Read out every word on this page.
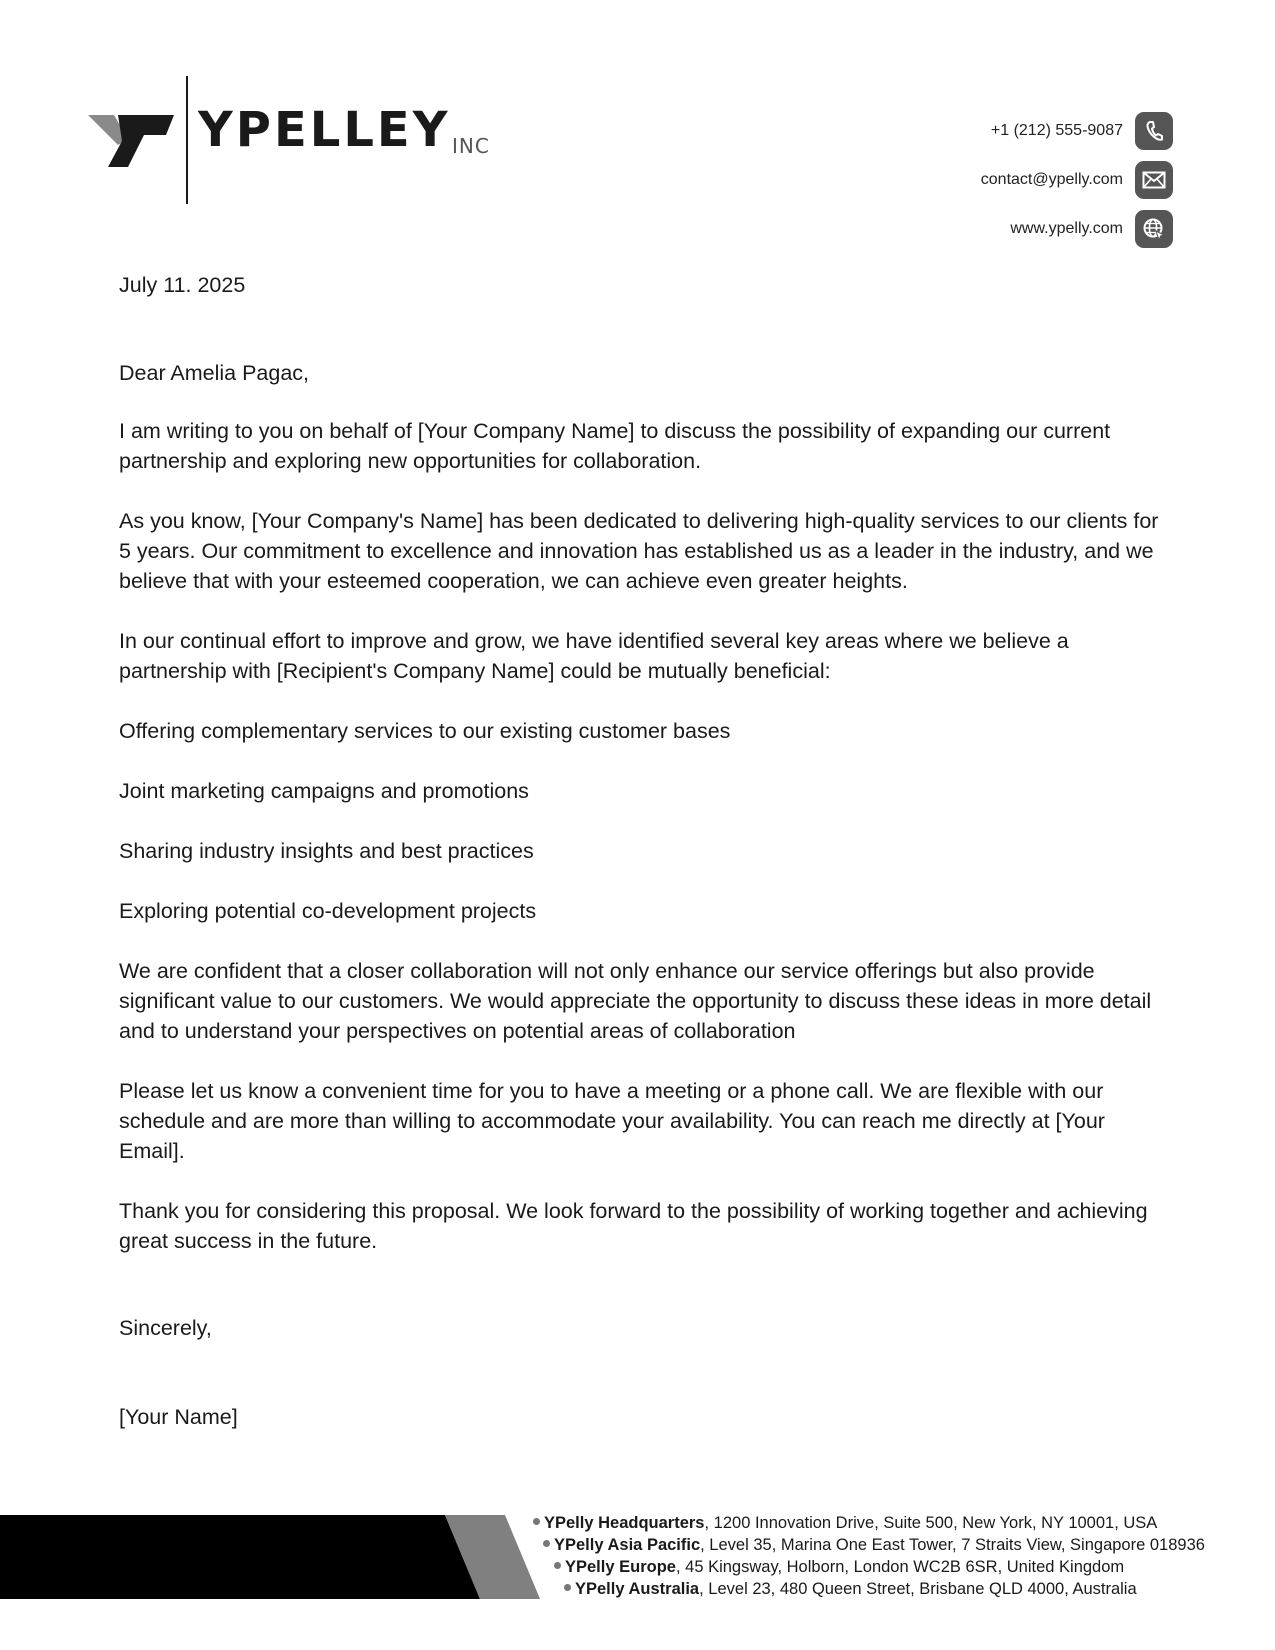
YPELLEY INC
+1 (212) 555-9087
contact@ypelly.com
www.ypelly.com

July 11. 2025

Dear Amelia Pagac,

I am writing to you on behalf of [Your Company Name] to discuss the possibility of expanding our current partnership and exploring new opportunities for collaboration.

As you know, [Your Company's Name] has been dedicated to delivering high-quality services to our clients for 5 years. Our commitment to excellence and innovation has established us as a leader in the industry, and we believe that with your esteemed cooperation, we can achieve even greater heights.

In our continual effort to improve and grow, we have identified several key areas where we believe a partnership with [Recipient's Company Name] could be mutually beneficial:

Offering complementary services to our existing customer bases

Joint marketing campaigns and promotions

Sharing industry insights and best practices

Exploring potential co-development projects

We are confident that a closer collaboration will not only enhance our service offerings but also provide significant value to our customers. We would appreciate the opportunity to discuss these ideas in more detail and to understand your perspectives on potential areas of collaboration

Please let us know a convenient time for you to have a meeting or a phone call. We are flexible with our schedule and are more than willing to accommodate your availability. You can reach me directly at [Your Email].

Thank you for considering this proposal. We look forward to the possibility of working together and achieving great success in the future.

Sincerely,

[Your Name]

YPelly Headquarters, 1200 Innovation Drive, Suite 500, New York, NY 10001, USA
YPelly Asia Pacific, Level 35, Marina One East Tower, 7 Straits View, Singapore 018936
YPelly Europe, 45 Kingsway, Holborn, London WC2B 6SR, United Kingdom
YPelly Australia, Level 23, 480 Queen Street, Brisbane QLD 4000, Australia
